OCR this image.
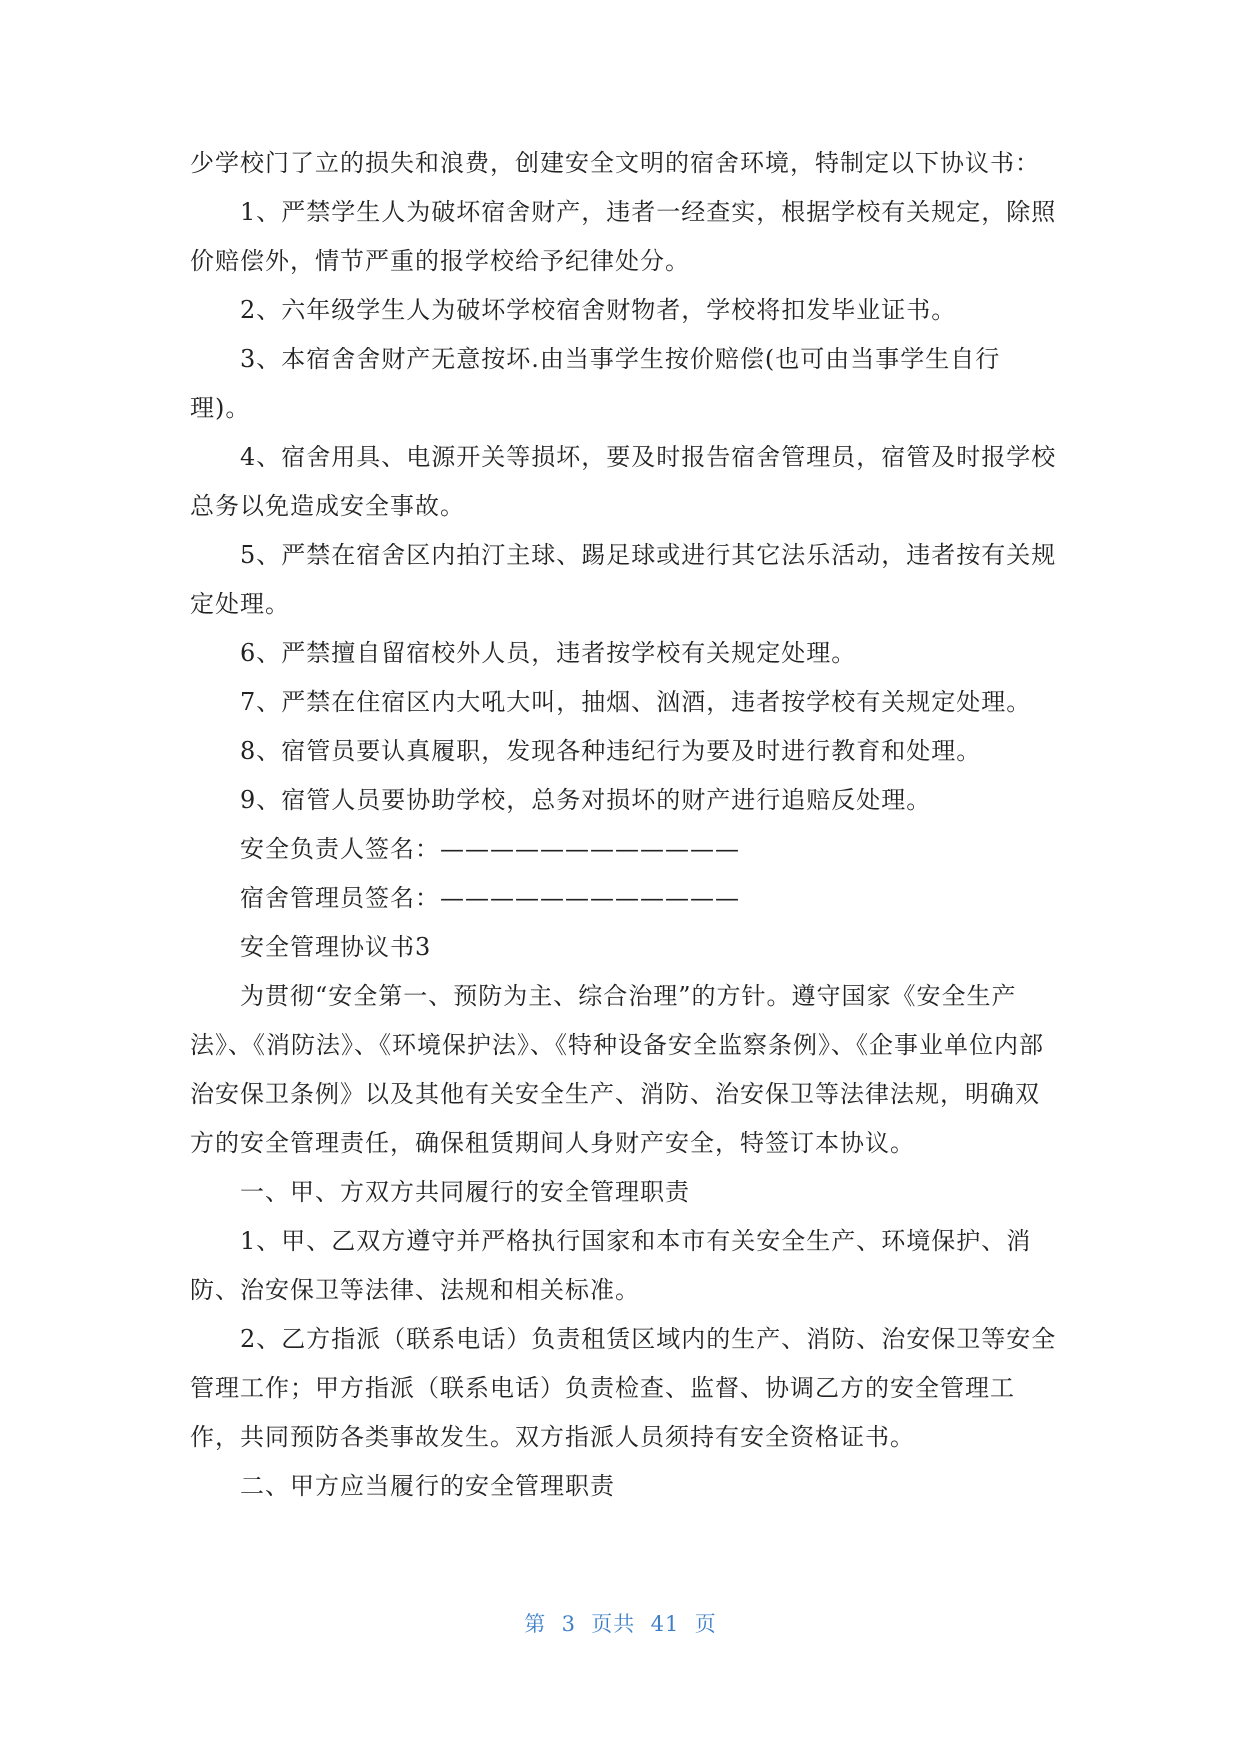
少学校门了立的损失和浪费，创建安全文明的宿舍环境，特制定以下协议书：
1、严禁学生人为破坏宿舍财产，违者一经查实，根据学校有关规定，除照
价赔偿外，情节严重的报学校给予纪律处分。
2、六年级学生人为破坏学校宿舍财物者，学校将扣发毕业证书。
3、本宿舍舍财产无意按坏.由当事学生按价赔偿(也可由当事学生自行
理)。
4、宿舍用具、电源开关等损坏，要及时报告宿舍管理员，宿管及时报学校
总务以免造成安全事故。
5、严禁在宿舍区内拍汀主球、踢足球或进行其它法乐活动，违者按有关规
定处理。
6、严禁擅自留宿校外人员，违者按学校有关规定处理。
7、严禁在住宿区内大吼大叫，抽烟、汹酒，违者按学校有关规定处理。
8、宿管员要认真履职，发现各种违纪行为要及时进行教育和处理。
9、宿管人员要协助学校，总务对损坏的财产进行追赔反处理。
安全负责人签名：————————————
宿舍管理员签名：————————————
安全管理协议书3
为贯彻“安全第一、预防为主、综合治理”的方针。遵守国家《安全生产
法》、《消防法》、《环境保护法》、《特种设备安全监察条例》、《企事业单位内部
治安保卫条例》以及其他有关安全生产、消防、治安保卫等法律法规，明确双
方的安全管理责任，确保租赁期间人身财产安全，特签订本协议。
一、甲、方双方共同履行的安全管理职责
1、甲、乙双方遵守并严格执行国家和本市有关安全生产、环境保护、消
防、治安保卫等法律、法规和相关标准。
2、乙方指派（联系电话）负责租赁区域内的生产、消防、治安保卫等安全
管理工作；甲方指派（联系电话）负责检查、监督、协调乙方的安全管理工
作，共同预防各类事故发生。双方指派人员须持有安全资格证书。
二、甲方应当履行的安全管理职责
第  3  页共  41  页
